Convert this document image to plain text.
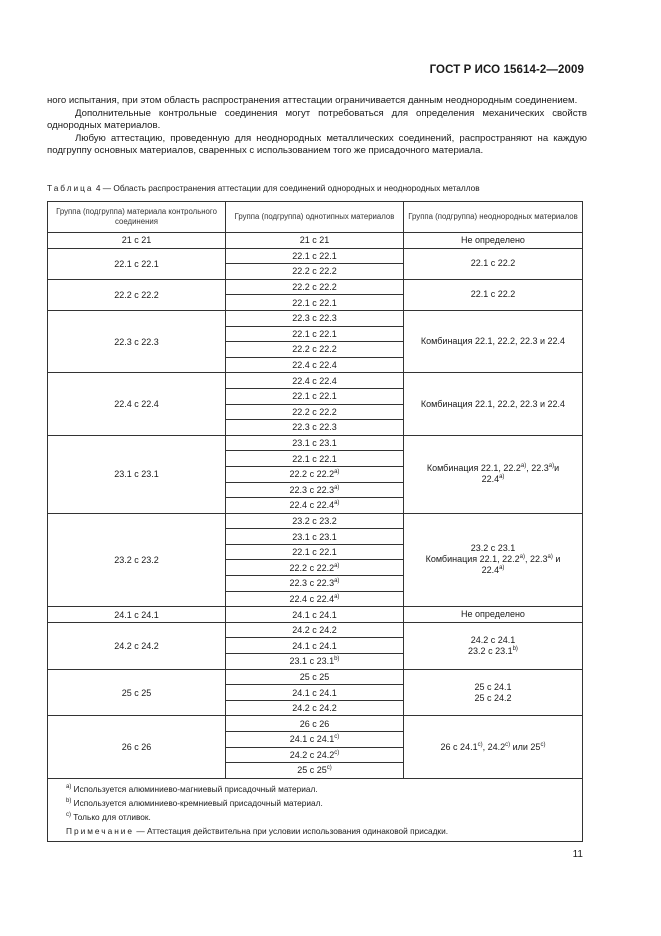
ГОСТ Р ИСО 15614-2—2009

ного испытания, при этом область распространения аттестации ограничивается данным неоднородным соединением.

Дополнительные контрольные соединения могут потребоваться для определения механических свойств однородных материалов.

Любую аттестацию, проведенную для неоднородных металлических соединений, распространяют на каждую подгруппу основных материалов, сваренных с использованием того же присадочного материала.

Таблица 4 — Область распространения аттестации для соединений однородных и неоднородных металлов
Группа (подгруппа) материала контрольного соединения	Группа (подгруппа) однотипных материалов	Группа (подгруппа) неоднородных материалов
21 с 21	21 с 21	Не определено

22.1 с 22.1	22.1 с 22.1	22.1 с 22.2

	22.2 с 22.2	
22.2 с 22.2	22.2 с 22.2	22.1 с 22.2

	22.1 с 22.1	
22.3 с 22.3	22.3 с 22.3	Комбинация 22.1, 22.2, 22.3 и 22.4

	22.1 с 22.1	
	22.2 с 22.2	
	22.4 с 22.4	
22.4 с 22.4	22.4 с 22.4	Комбинация 22.1, 22.2, 22.3 и 22.4

	22.1 с 22.1	
	22.2 с 22.2	
	22.3 с 22.3	
23.1 с 23.1	23.1 с 23.1	Комбинация 22.1, 22.2$^{a)}$, 22.3$^{a)}$и
22.4$^{a)}$

	22.1 с 22.1	
	22.2 с 22.2$^{a)}$
	22.3 с 22.3$^{a)}$
	22.4 с 22.4$^{a)}$
23.2 с 23.2	23.2 с 23.2	23.2 с 23.1
Комбинация 22.1, 22.2$^{a)}$, 22.3$^{a)}$ и
22.4$^{a)}$

	23.1 с 23.1	
	22.1 с 22.1	
	22.2 с 22.2$^{a)}$
	22.3 с 22.3$^{a)}$
	22.4 с 22.4$^{a)}$
24.1 с 24.1	24.1 с 24.1	Не определено

24.2 с 24.2	24.2 с 24.2	24.2 с 24.1
23.2 с 23.1$^{b)}$

	24.1 с 24.1	
	23.1 с 23.1$^{b)}$
25 с 25	25 с 25	25 с 24.1
25 с 24.2

	24.1 с 24.1	
	24.2 с 24.2	
26 с 26	26 с 26	26 с 24.1$^{c)}$, 24.2$^{c)}$ или 25$^{c)}$

	24.1 с 24.1$^{c)}$
	24.2 с 24.2$^{c)}$
	25 с 25$^{c)}$

$^{a)}$ Используется алюминиево-магниевый присадочный материал.
$^{b)}$ Используется алюминиево-кремниевый присадочный материал.
$^{c)}$ Только для отливок.
Примечание — Аттестация действительна при условии использования одинаковой присадки.		
11
